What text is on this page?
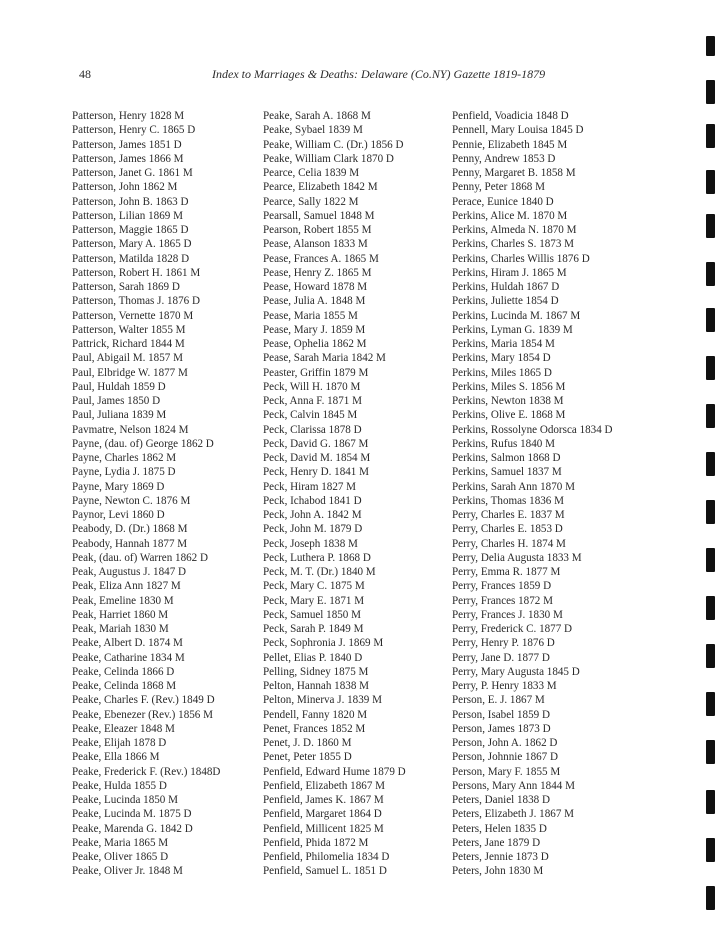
48	Index to Marriages & Deaths: Delaware (Co.NY) Gazette 1819-1879
Patterson, Henry 1828 M
Patterson, Henry C. 1865 D
Patterson, James 1851 D
Patterson, James 1866 M
Patterson, Janet G. 1861 M
Patterson, John 1862 M
Patterson, John B. 1863 D
Patterson, Lilian 1869 M
Patterson, Maggie 1865 D
Patterson, Mary A. 1865 D
Patterson, Matilda 1828 D
Patterson, Robert H. 1861 M
Patterson, Sarah 1869 D
Patterson, Thomas J. 1876 D
Patterson, Vernette 1870 M
Patterson, Walter 1855 M
Pattrick, Richard 1844 M
Paul, Abigail M. 1857 M
Paul, Elbridge W. 1877 M
Paul, Huldah 1859 D
Paul, James 1850 D
Paul, Juliana 1839 M
Pavmatre, Nelson 1824 M
Payne, (dau. of) George 1862 D
Payne, Charles 1862 M
Payne, Lydia J. 1875 D
Payne, Mary 1869 D
Payne, Newton C. 1876 M
Paynor, Levi 1860 D
Peabody, D. (Dr.) 1868 M
Peabody, Hannah 1877 M
Peak, (dau. of) Warren 1862 D
Peak, Augustus J. 1847 D
Peak, Eliza Ann 1827 M
Peak, Emeline 1830 M
Peak, Harriet 1860 M
Peak, Mariah 1830 M
Peake, Albert D. 1874 M
Peake, Catharine 1834 M
Peake, Celinda 1866 D
Peake, Celinda 1868 M
Peake, Charles F. (Rev.) 1849 D
Peake, Ebenezer (Rev.) 1856 M
Peake, Eleazer 1848 M
Peake, Elijah 1878 D
Peake, Ella 1866 M
Peake, Frederick F. (Rev.) 1848D
Peake, Hulda 1855 D
Peake, Lucinda 1850 M
Peake, Lucinda M. 1875 D
Peake, Marenda G. 1842 D
Peake, Maria 1865 M
Peake, Oliver 1865 D
Peake, Oliver Jr. 1848 M
Peake, Sarah A. 1868 M
Peake, Sybael 1839 M
Peake, William C. (Dr.) 1856 D
Peake, William Clark 1870 D
Pearce, Celia 1839 M
Pearce, Elizabeth 1842 M
Pearce, Sally 1822 M
Pearsall, Samuel 1848 M
Pearson, Robert 1855 M
Pease, Alanson 1833 M
Pease, Frances A. 1865 M
Pease, Henry Z. 1865 M
Pease, Howard 1878 M
Pease, Julia A. 1848 M
Pease, Maria 1855 M
Pease, Mary J. 1859 M
Pease, Ophelia 1862 M
Pease, Sarah Maria 1842 M
Peaster, Griffin 1879 M
Peck, Will H. 1870 M
Peck, Anna F. 1871 M
Peck, Calvin 1845 M
Peck, Clarissa 1878 D
Peck, David G. 1867 M
Peck, David M. 1854 M
Peck, Henry D. 1841 M
Peck, Hiram 1827 M
Peck, Ichabod 1841 D
Peck, John A. 1842 M
Peck, John M. 1879 D
Peck, Joseph 1838 M
Peck, Luthera P. 1868 D
Peck, M. T. (Dr.) 1840 M
Peck, Mary C. 1875 M
Peck, Mary E. 1871 M
Peck, Samuel 1850 M
Peck, Sarah P. 1849 M
Peck, Sophronia J. 1869 M
Pellet, Elias P. 1840 D
Pelling, Sidney 1875 M
Pelton, Hannah 1838 M
Pelton, Minerva J. 1839 M
Pendell, Fanny 1820 M
Penet, Frances 1852 M
Penet, J. D. 1860 M
Penet, Peter 1855 D
Penfield, Edward Hume 1879 D
Penfield, Elizabeth 1867 M
Penfield, James K. 1867 M
Penfield, Margaret 1864 D
Penfield, Millicent 1825 M
Penfield, Phida 1872 M
Penfield, Philomelia 1834 D
Penfield, Samuel L. 1851 D
Penfield, Voadicia 1848 D
Pennell, Mary Louisa 1845 D
Pennie, Elizabeth 1845 M
Penny, Andrew 1853 D
Penny, Margaret B. 1858 M
Penny, Peter 1868 M
Perace, Eunice 1840 D
Perkins, Alice M. 1870 M
Perkins, Almeda N. 1870 M
Perkins, Charles S. 1873 M
Perkins, Charles Willis 1876 D
Perkins, Hiram J. 1865 M
Perkins, Huldah 1867 D
Perkins, Juliette 1854 D
Perkins, Lucinda M. 1867 M
Perkins, Lyman G. 1839 M
Perkins, Maria 1854 M
Perkins, Mary 1854 D
Perkins, Miles 1865 D
Perkins, Miles S. 1856 M
Perkins, Newton 1838 M
Perkins, Olive E. 1868 M
Perkins, Rossolyne Odorsca 1834 D
Perkins, Rufus 1840 M
Perkins, Salmon 1868 D
Perkins, Samuel 1837 M
Perkins, Sarah Ann 1870 M
Perkins, Thomas 1836 M
Perry, Charles E. 1837 M
Perry, Charles E. 1853 D
Perry, Charles H. 1874 M
Perry, Delia Augusta 1833 M
Perry, Emma R. 1877 M
Perry, Frances 1859 D
Perry, Frances 1872 M
Perry, Frances J. 1830 M
Perry, Frederick C. 1877 D
Perry, Henry P. 1876 D
Perry, Jane D. 1877 D
Perry, Mary Augusta 1845 D
Perry, P. Henry 1833 M
Person, E. J. 1867 M
Person, Isabel 1859 D
Person, James 1873 D
Person, John A. 1862 D
Person, Johnnie 1867 D
Person, Mary F. 1855 M
Persons, Mary Ann 1844 M
Peters, Daniel 1838 D
Peters, Elizabeth J. 1867 M
Peters, Helen 1835 D
Peters, Jane 1879 D
Peters, Jennie 1873 D
Peters, John 1830 M
